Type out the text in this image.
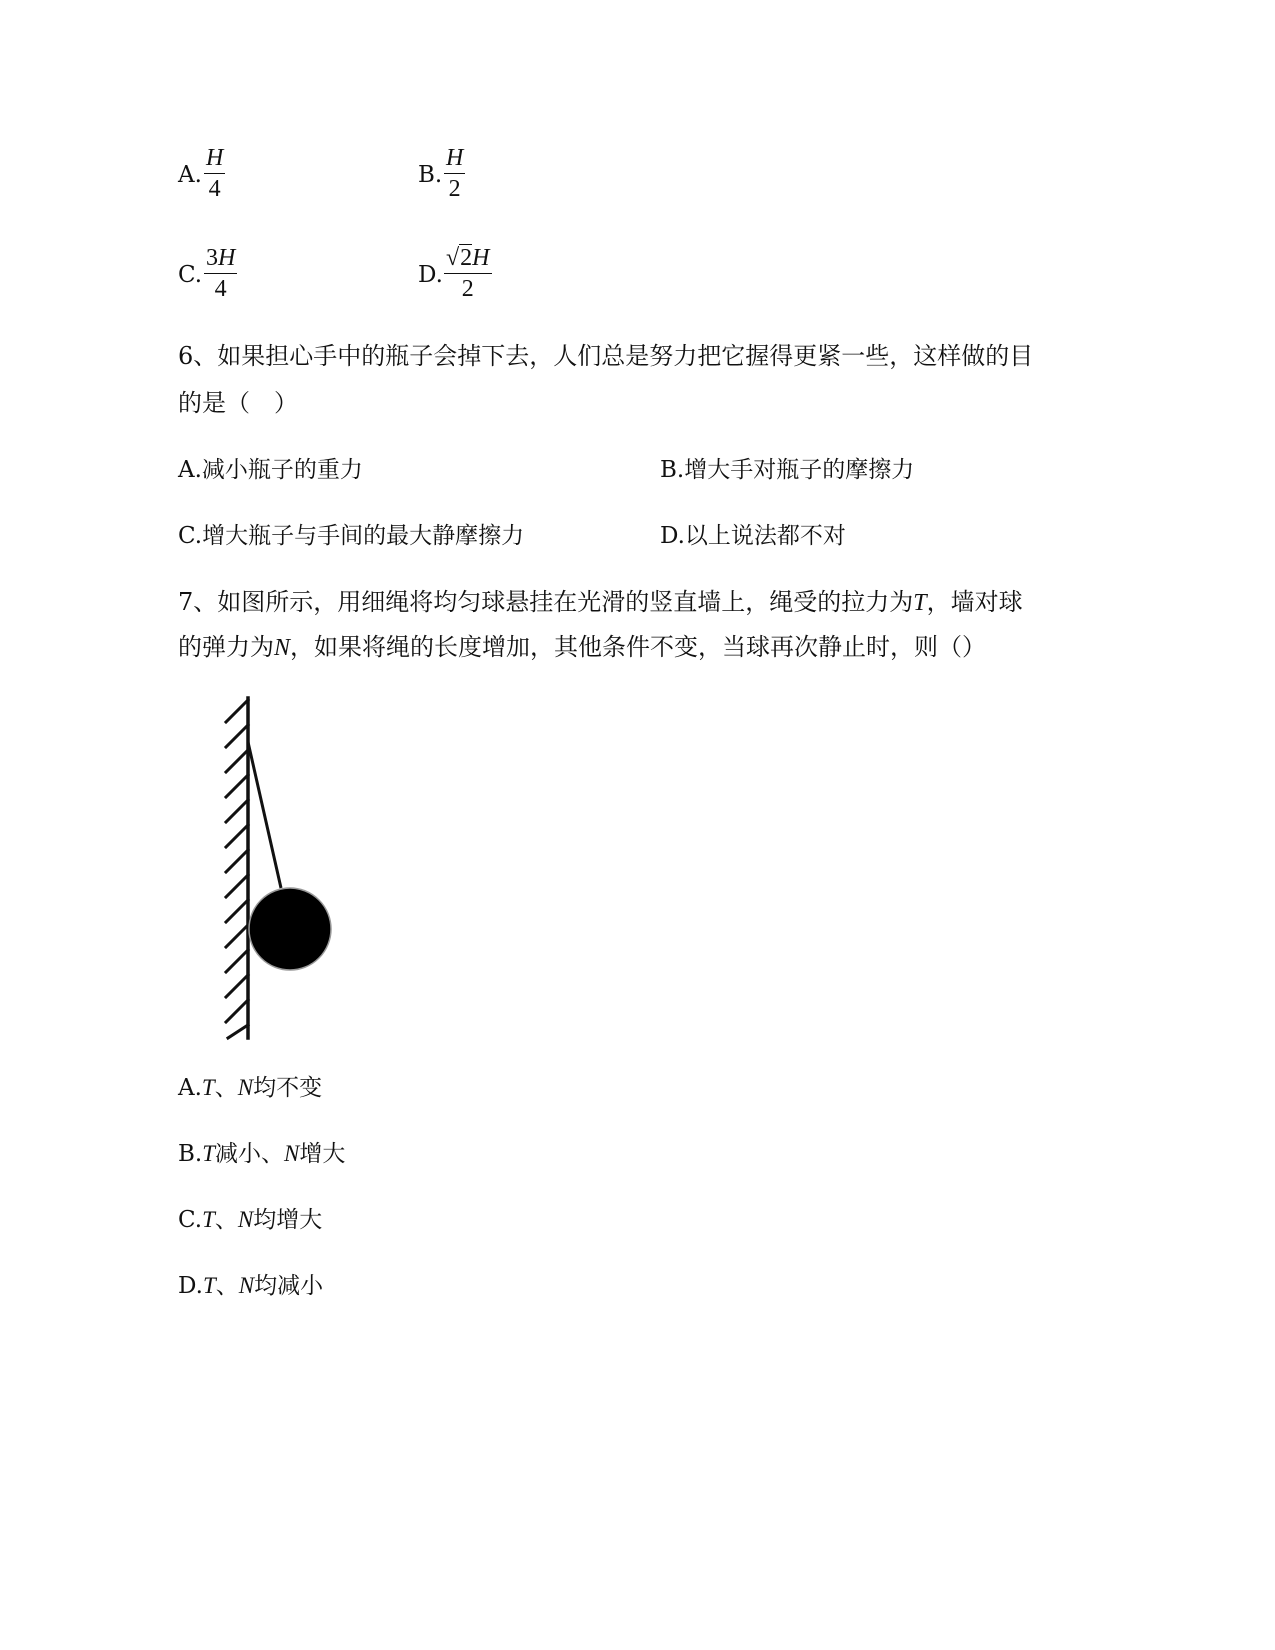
A.
H
4
B.
H
2
C.
3H
4
D.
√2H
2
6、如果担心手中的瓶子会掉下去，人们总是努力把它握得更紧一些，这样做的目
的是（　）
A.减小瓶子的重力	B.增大手对瓶子的摩擦力
C.增大瓶子与手间的最大静摩擦力	D.以上说法都不对
7、如图所示，用细绳将均匀球悬挂在光滑的竖直墙上，绳受的拉力为T，墙对球
的弹力为N，如果将绳的长度增加，其他条件不变，当球再次静止时，则（）
A.T、N均不变
B.T减小、N增大
C.T、N均增大
D.T、N均减小
